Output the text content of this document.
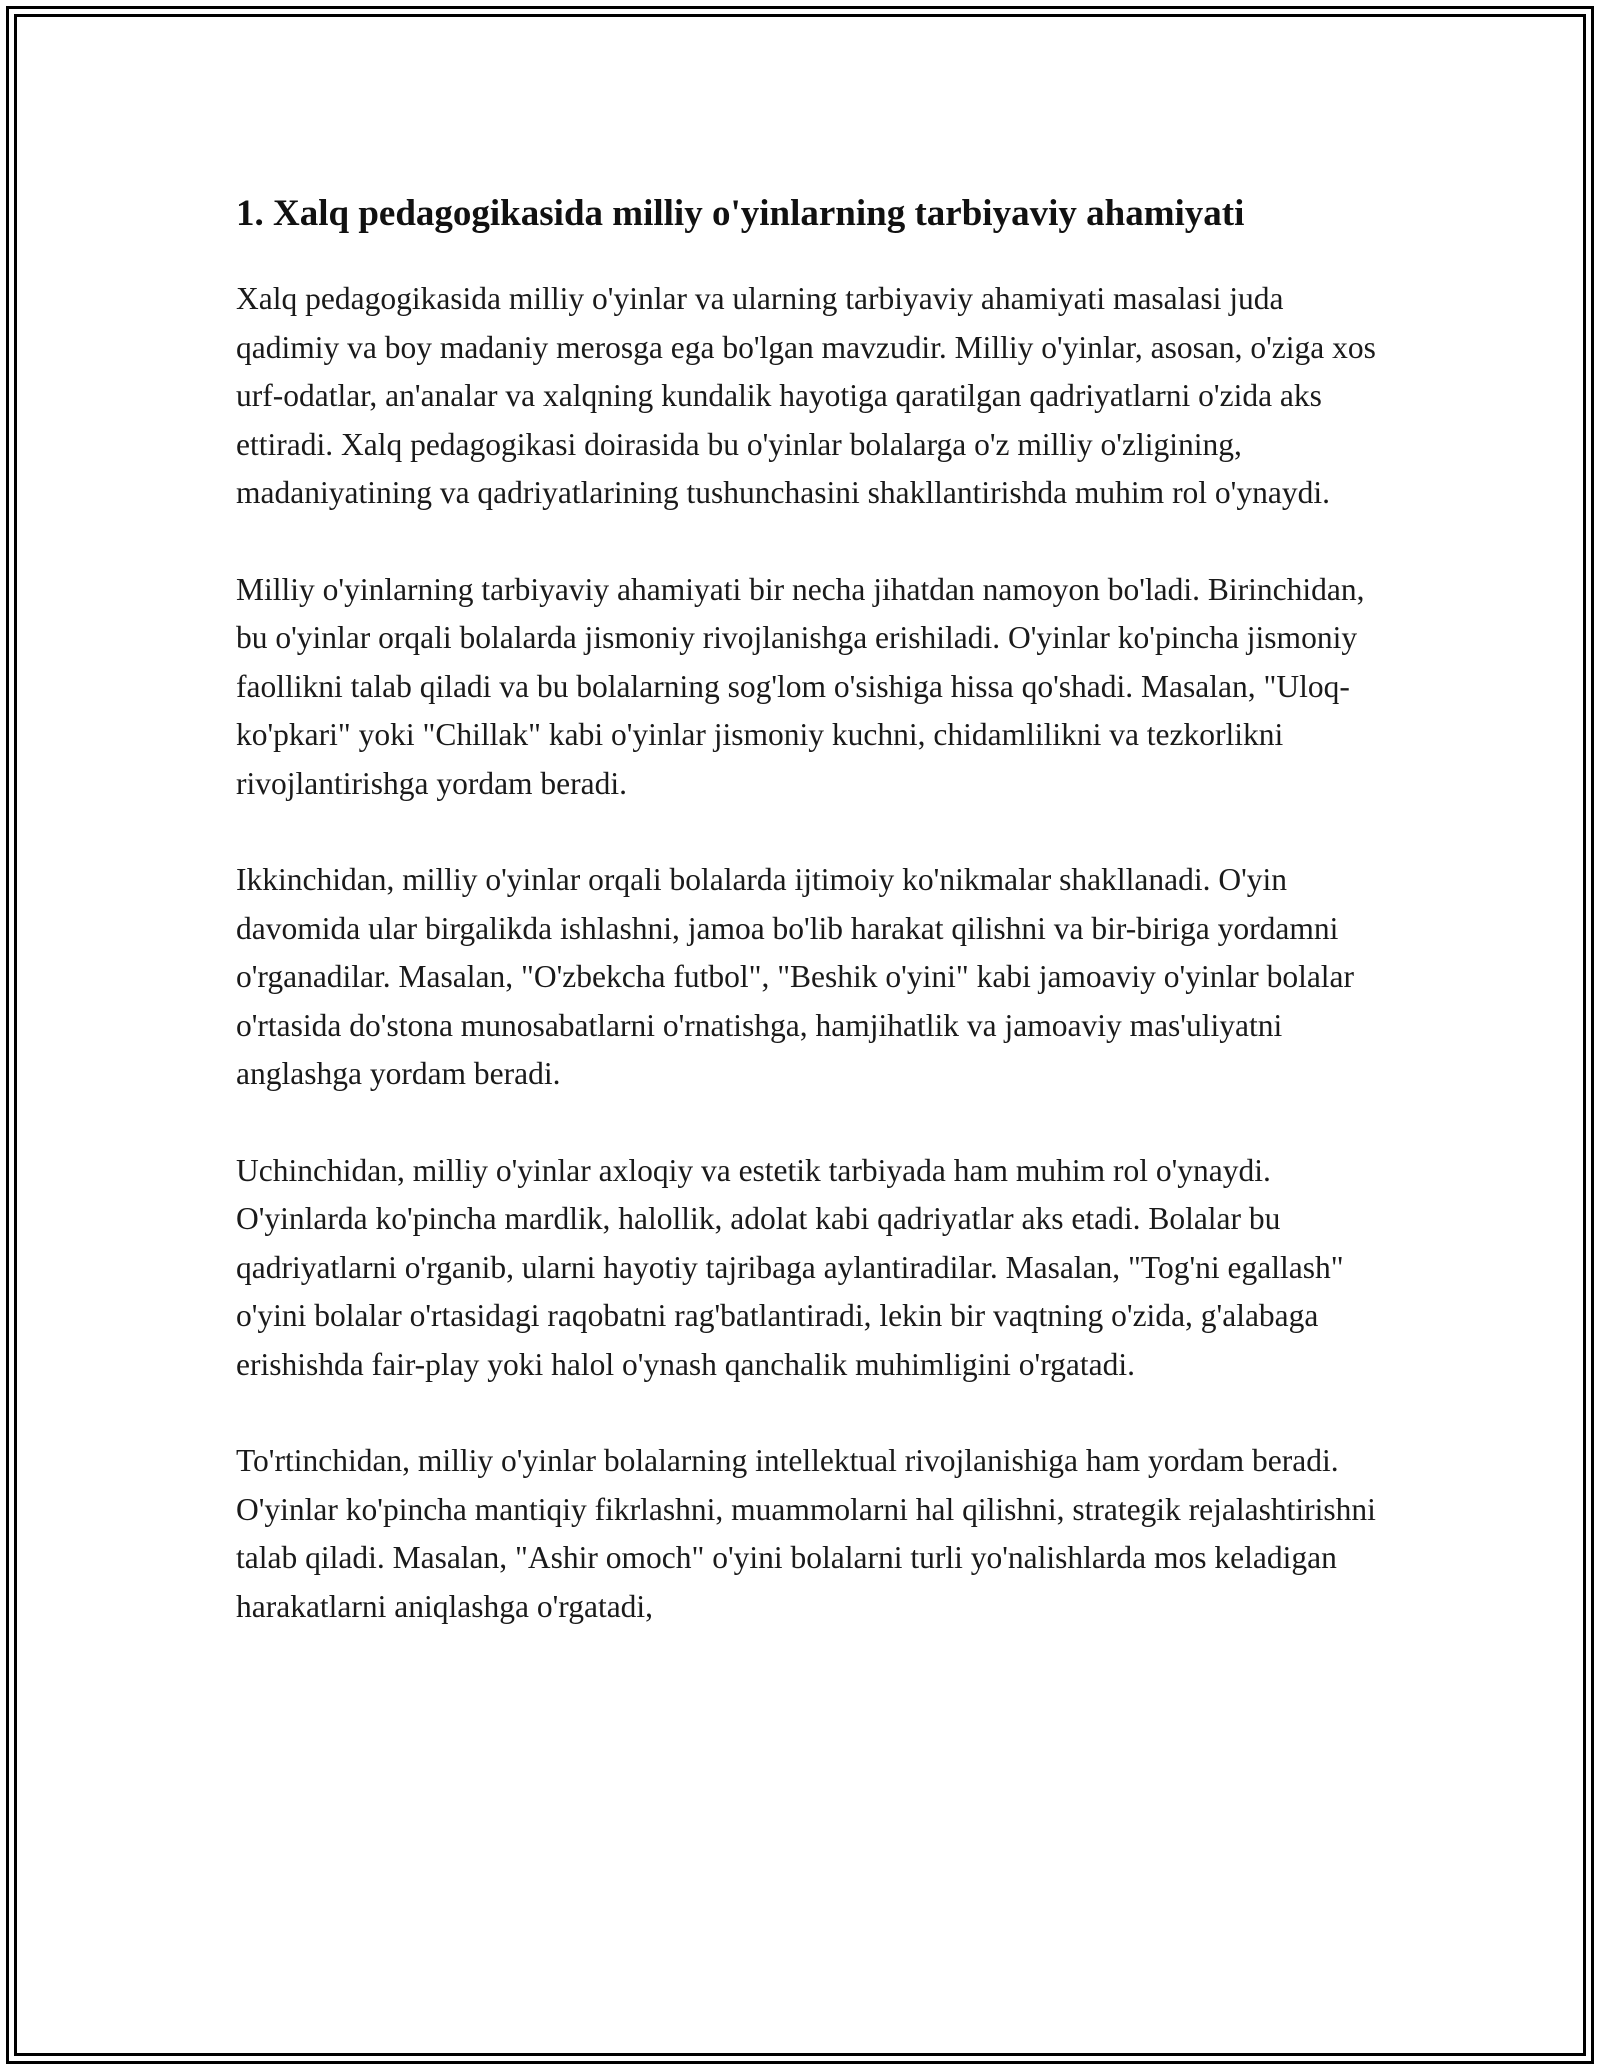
1. Xalq pedagogikasida milliy o'yinlarning tarbiyaviy ahamiyati

Xalq pedagogikasida milliy o'yinlar va ularning tarbiyaviy ahamiyati masalasi juda qadimiy va boy madaniy merosga ega bo'lgan mavzudir. Milliy o'yinlar, asosan, o'ziga xos urf-odatlar, an'analar va xalqning kundalik hayotiga qaratilgan qadriyatlarni o'zida aks ettiradi. Xalq pedagogikasi doirasida bu o'yinlar bolalarga o'z milliy o'zligining, madaniyatining va qadriyatlarining tushunchasini shakllantirishda muhim rol o'ynaydi.

Milliy o'yinlarning tarbiyaviy ahamiyati bir necha jihatdan namoyon bo'ladi. Birinchidan, bu o'yinlar orqali bolalarda jismoniy rivojlanishga erishiladi. O'yinlar ko'pincha jismoniy faollikni talab qiladi va bu bolalarning sog'lom o'sishiga hissa qo'shadi. Masalan, "Uloq-ko'pkari" yoki "Chillak" kabi o'yinlar jismoniy kuchni, chidamlilikni va tezkorlikni rivojlantirishga yordam beradi.

Ikkinchidan, milliy o'yinlar orqali bolalarda ijtimoiy ko'nikmalar shakllanadi. O'yin davomida ular birgalikda ishlashni, jamoa bo'lib harakat qilishni va bir-biriga yordamni o'rganadilar. Masalan, "O'zbekcha futbol", "Beshik o'yini" kabi jamoaviy o'yinlar bolalar o'rtasida do'stona munosabatlarni o'rnatishga, hamjihatlik va jamoaviy mas'uliyatni anglashga yordam beradi.

Uchinchidan, milliy o'yinlar axloqiy va estetik tarbiyada ham muhim rol o'ynaydi. O'yinlarda ko'pincha mardlik, halollik, adolat kabi qadriyatlar aks etadi. Bolalar bu qadriyatlarni o'rganib, ularni hayotiy tajribaga aylantiradilar. Masalan, "Tog'ni egallash" o'yini bolalar o'rtasidagi raqobatni rag'batlantiradi, lekin bir vaqtning o'zida, g'alabaga erishishda fair-play yoki halol o'ynash qanchalik muhimligini o'rgatadi.

To'rtinchidan, milliy o'yinlar bolalarning intellektual rivojlanishiga ham yordam beradi. O'yinlar ko'pincha mantiqiy fikrlashni, muammolarni hal qilishni, strategik rejalashtirishni talab qiladi. Masalan, "Ashir omoch" o'yini bolalarni turli yo'nalishlarda mos keladigan harakatlarni aniqlashga o'rgatadi,
